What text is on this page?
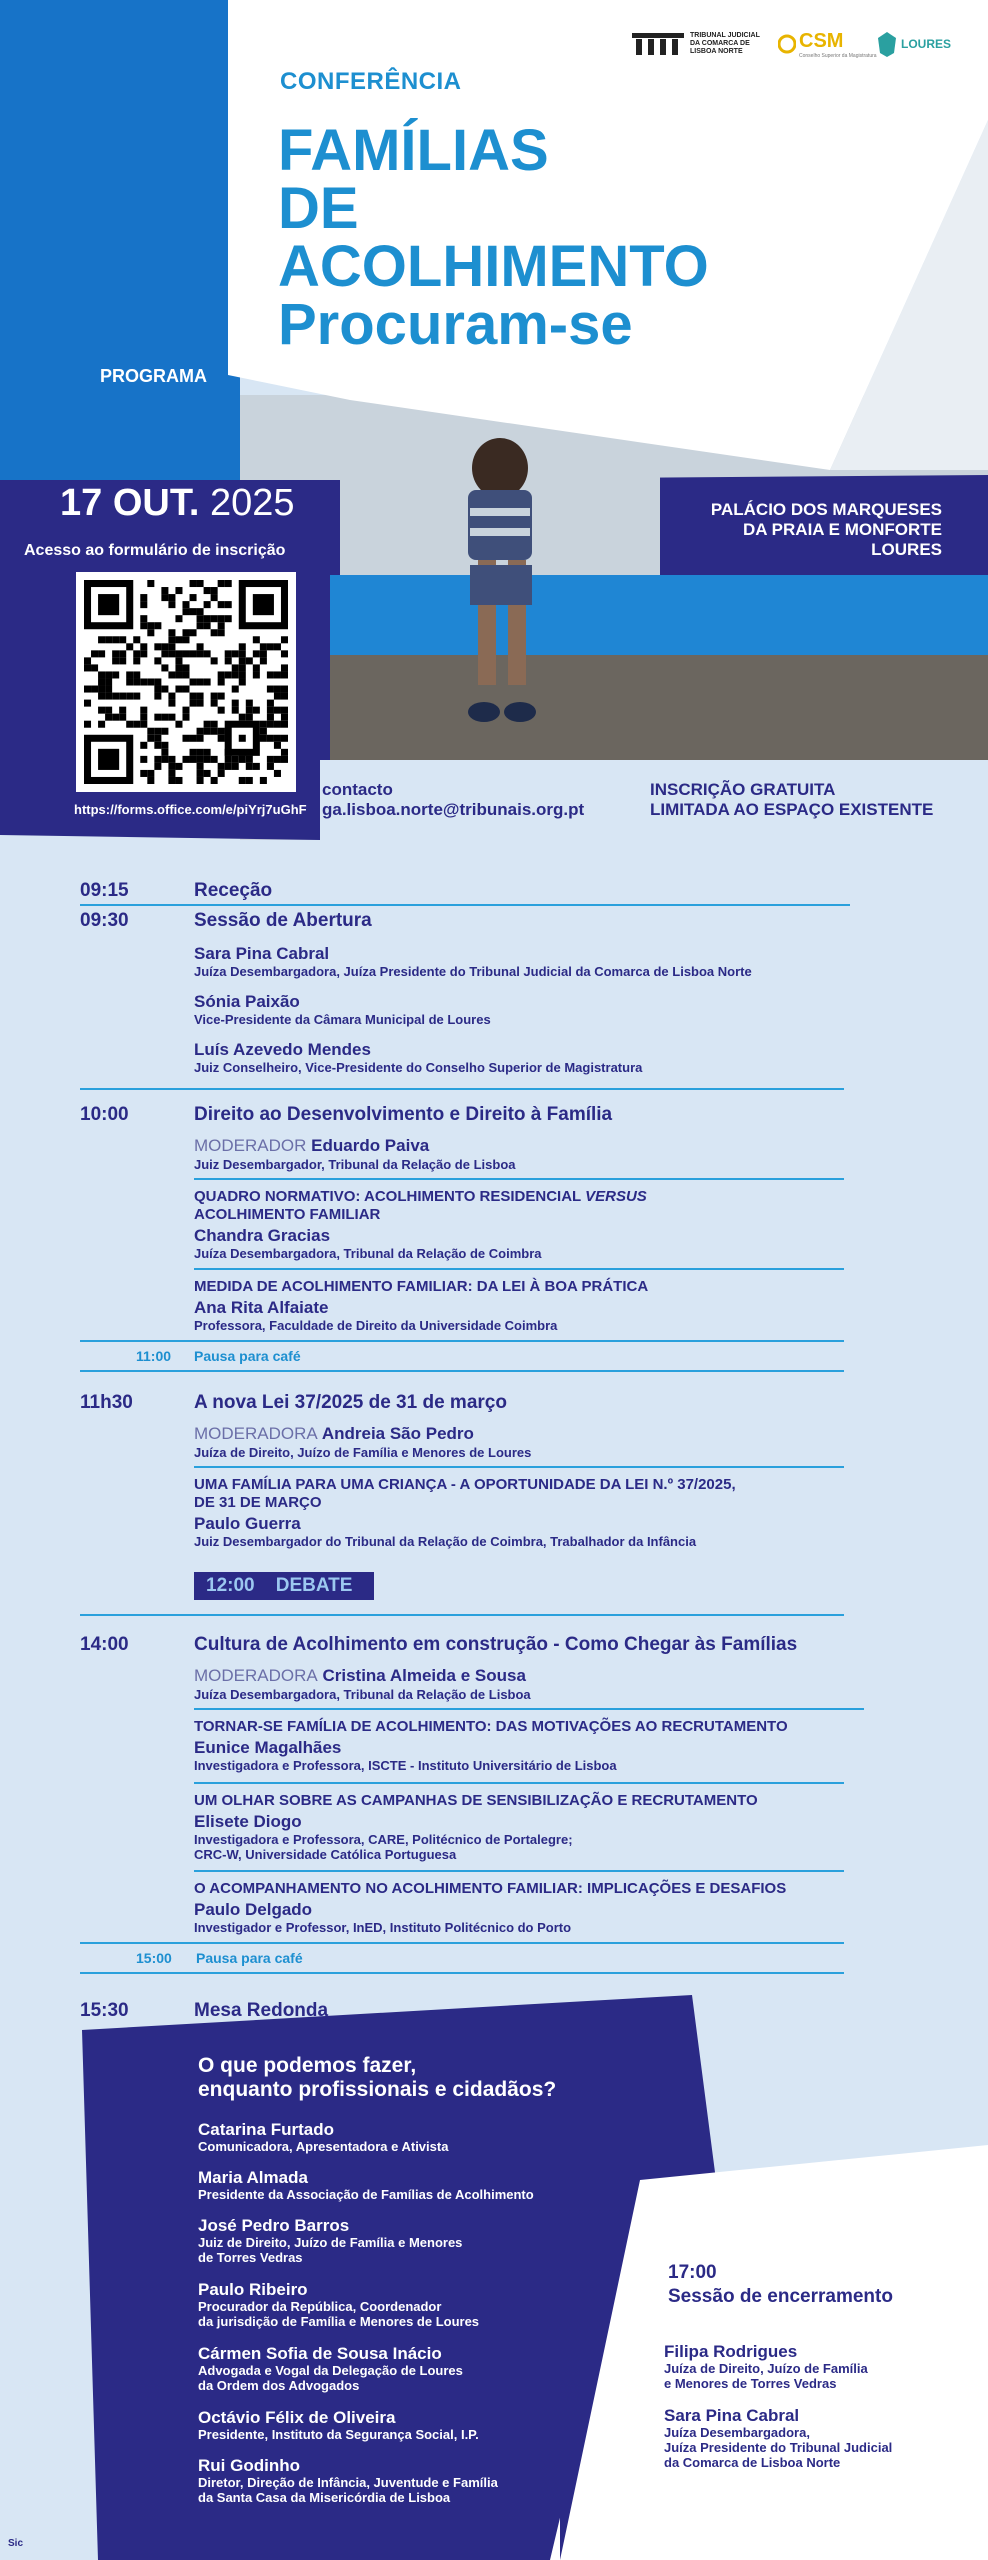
TRIBUNAL JUDICIAL DA COMARCA DE LISBOA NORTE	CSM
Conselho Superior da Magistratura
LOURES
CONFERÊNCIA
FAMÍLIAS
DE
ACOLHIMENTO
Procuram-se
PROGRAMA
17 OUT. 2025
Acesso ao formulário de inscrição
https://forms.office.com/e/piYrj7uGhF
PALÁCIO DOS MARQUESES
DA PRAIA E MONFORTE
LOURES
contacto
ga.lisboa.norte@tribunais.org.pt
INSCRIÇÃO GRATUITA
LIMITADA AO ESPAÇO EXISTENTE
09:15	Receção
09:30	Sessão de Abertura
Sara Pina Cabral
Juíza Desembargadora, Juíza Presidente do Tribunal Judicial da Comarca de Lisboa Norte
Sónia Paixão
Vice-Presidente da Câmara Municipal de Loures
Luís Azevedo Mendes
Juiz Conselheiro, Vice-Presidente do Conselho Superior de Magistratura
10:00	Direito ao Desenvolvimento e Direito à Família
MODERADOR Eduardo Paiva
Juiz Desembargador, Tribunal da Relação de Lisboa
QUADRO NORMATIVO: ACOLHIMENTO RESIDENCIAL VERSUS
ACOLHIMENTO FAMILIAR
Chandra Gracias
Juíza Desembargadora, Tribunal da Relação de Coimbra
MEDIDA DE ACOLHIMENTO FAMILIAR: DA LEI À BOA PRÁTICA
Ana Rita Alfaiate
Professora, Faculdade de Direito da Universidade Coimbra
11:00 Pausa para café
11h30	A nova Lei 37/2025 de 31 de março
MODERADORA Andreia São Pedro
Juíza de Direito, Juízo de Família e Menores de Loures
UMA FAMÍLIA PARA UMA CRIANÇA - A OPORTUNIDADE DA LEI N.º 37/2025,
DE 31 DE MARÇO
Paulo Guerra
Juiz Desembargador do Tribunal da Relação de Coimbra, Trabalhador da Infância
12:00 DEBATE
14:00	Cultura de Acolhimento em construção - Como Chegar às Famílias
MODERADORA Cristina Almeida e Sousa
Juíza Desembargadora, Tribunal da Relação de Lisboa
TORNAR-SE FAMÍLIA DE ACOLHIMENTO: DAS MOTIVAÇÕES AO RECRUTAMENTO
Eunice Magalhães
Investigadora e Professora, ISCTE - Instituto Universitário de Lisboa
UM OLHAR SOBRE AS CAMPANHAS DE SENSIBILIZAÇÃO E RECRUTAMENTO
Elisete Diogo
Investigadora e Professora, CARE, Politécnico de Portalegre;
CRC-W, Universidade Católica Portuguesa
O ACOMPANHAMENTO NO ACOLHIMENTO FAMILIAR: IMPLICAÇÕES E DESAFIOS
Paulo Delgado
Investigador e Professor, InED, Instituto Politécnico do Porto
15:00 Pausa para café
15:30	Mesa Redonda
O que podemos fazer,
enquanto profissionais e cidadãos?
Catarina Furtado
Comunicadora, Apresentadora e Ativista
Maria Almada
Presidente da Associação de Famílias de Acolhimento
José Pedro Barros
Juiz de Direito, Juízo de Família e Menores
de Torres Vedras
Paulo Ribeiro
Procurador da República, Coordenador
da jurisdição de Família e Menores de Loures
Cármen Sofia de Sousa Inácio
Advogada e Vogal da Delegação de Loures
da Ordem dos Advogados
Octávio Félix de Oliveira
Presidente, Instituto da Segurança Social, I.P.
Rui Godinho
Diretor, Direção de Infância, Juventude e Família
da Santa Casa da Misericórdia de Lisboa
17:00
Sessão de encerramento
Filipa Rodrigues
Juíza de Direito, Juízo de Família
e Menores de Torres Vedras
Sara Pina Cabral
Juíza Desembargadora,
Juíza Presidente do Tribunal Judicial
da Comarca de Lisboa Norte
Sic
